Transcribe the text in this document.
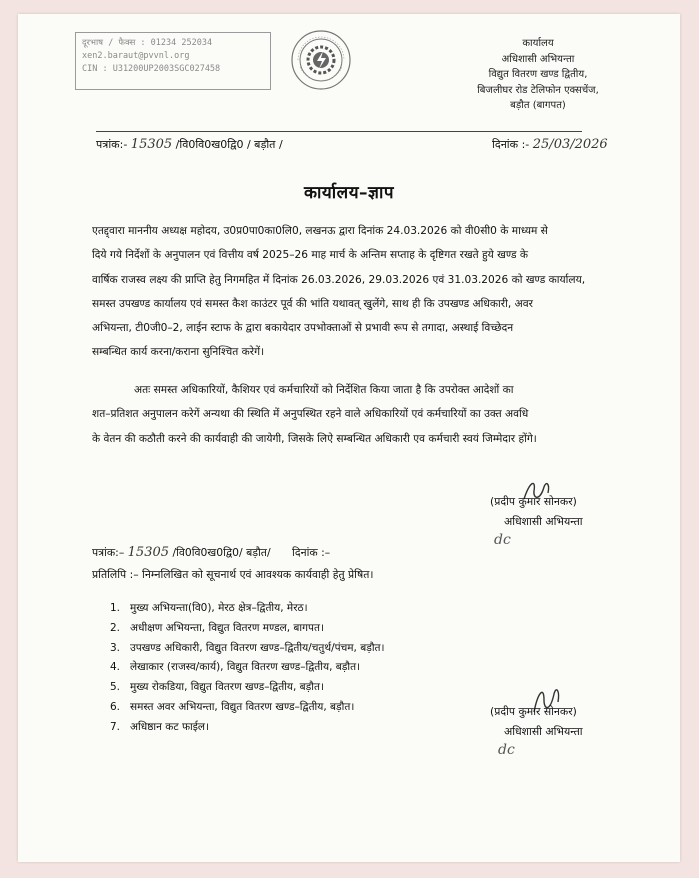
दूरभाष / फैक्स : 01234 252034
xen2.baraut@pvvnl.org
CIN : U31200UP2003SGC027458
कार्यालय
अधिशासी अभियन्ता
विद्युत वितरण खण्ड द्वितीय,
बिजलीघर रोड टेलिफोन एक्सचेंज,
बड़ौत (बागपत)
पत्रांक:- 15305 /वि0वि0ख0द्वि0 / बड़ौत /	दिनांक :- 25/03/2026
कार्यालय–ज्ञाप
एतद्द्वारा माननीय अध्यक्ष महोदय, उ0प्र0पा0का0लि0, लखनऊ द्वारा दिनांक 24.03.2026 को वी0सी0 के माध्यम से
दिये गये निर्देशों के अनुपालन एवं वित्तीय वर्ष 2025–26 माह मार्च के अन्तिम सप्ताह के दृष्टिगत रखते हुये खण्ड के
वार्षिक राजस्व लक्ष्य की प्राप्ति हेतु निगमहित में दिनांक 26.03.2026, 29.03.2026 एवं 31.03.2026 को खण्ड कार्यालय,
समस्त उपखण्ड कार्यालय एवं समस्त कैश काउंटर पूर्व की भांति यथावत् खुलेंगे, साथ ही कि उपखण्ड अधिकारी, अवर
अभियन्ता, टी0जी0–2, लाईन स्टाफ के द्वारा बकायेदार उपभोक्ताओं से प्रभावी रूप से तगादा, अस्थाई विच्छेदन
सम्बन्धित कार्य करना/कराना सुनिश्चित करेगें।
अतः समस्त अधिकारियों, कैशियर एवं कर्मचारियों को निर्देशित किया जाता है कि उपरोक्त आदेशों का
शत–प्रतिशत अनुपालन करेगें अन्यथा की स्थिति में अनुपस्थित रहने वाले अधिकारियों एवं कर्मचारियों का उक्त अवधि
के वेतन की कठौती करने की कार्यवाही की जायेगी, जिसके लिऐ सम्बन्धित अधिकारी एव कर्मचारी स्वयं जिम्मेदार होंगे।
(प्रदीप कुमार सोनकर)
अधिशासी अभियन्ता
dc
पत्रांक:– 15305 /वि0वि0ख0द्वि0/ बड़ौत/ दिनांक :–
प्रतिलिपि :– निम्नलिखित को सूचनार्थ एवं आवश्यक कार्यवाही हेतु प्रेषित।
1. मुख्य अभियन्ता(वि0), मेरठ क्षेत्र–द्वितीय, मेरठ।
2. अधीक्षण अभियन्ता, विद्युत वितरण मण्डल, बागपत।
3. उपखण्ड अधिकारी, विद्युत वितरण खण्ड–द्वितीय/चतुर्थ/पंचम, बड़ौत।
4. लेखाकार (राजस्व/कार्य), विद्युत वितरण खण्ड–द्वितीय, बड़ौत।
5. मुख्य रोकडिया, विद्युत वितरण खण्ड–द्वितीय, बड़ौत।
6. समस्त अवर अभियन्ता, विद्युत वितरण खण्ड–द्वितीय, बड़ौत।
7. अधिष्ठान कट फाईल।
(प्रदीप कुमार सोनकर)
अधिशासी अभियन्ता
dc
